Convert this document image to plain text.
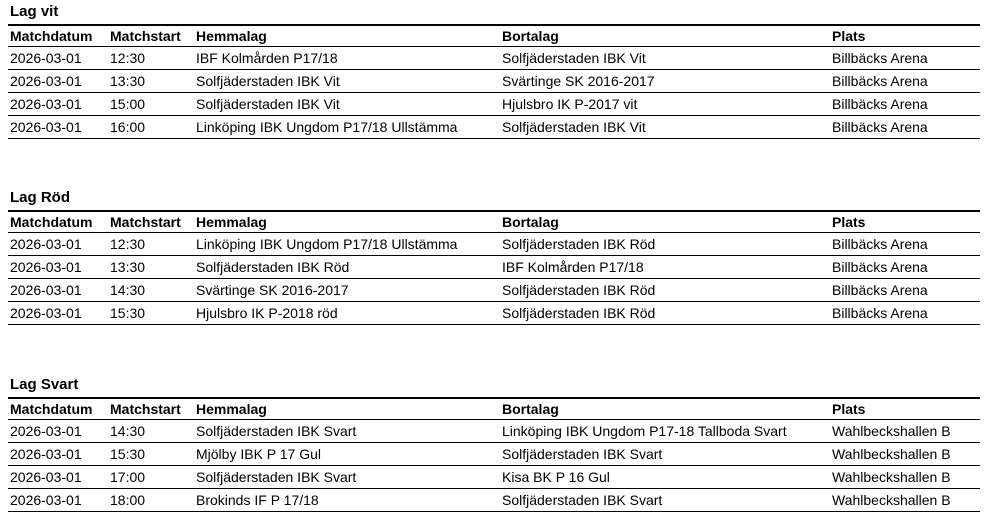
Lag vit
Matchdatum	Matchstart	Hemmalag	Bortalag	Plats
2026-03-01	12:30	IBF Kolmården P17/18	Solfjäderstaden IBK Vit	Billbäcks Arena
2026-03-01	13:30	Solfjäderstaden IBK Vit	Svärtinge SK 2016-2017	Billbäcks Arena
2026-03-01	15:00	Solfjäderstaden IBK Vit	Hjulsbro IK P-2017 vit	Billbäcks Arena
2026-03-01	16:00	Linköping IBK Ungdom P17/18 Ullstämma	Solfjäderstaden IBK Vit	Billbäcks Arena
Lag Röd
Matchdatum	Matchstart	Hemmalag	Bortalag	Plats
2026-03-01	12:30	Linköping IBK Ungdom P17/18 Ullstämma	Solfjäderstaden IBK Röd	Billbäcks Arena
2026-03-01	13:30	Solfjäderstaden IBK Röd	IBF Kolmården P17/18	Billbäcks Arena
2026-03-01	14:30	Svärtinge SK 2016-2017	Solfjäderstaden IBK Röd	Billbäcks Arena
2026-03-01	15:30	Hjulsbro IK P-2018 röd	Solfjäderstaden IBK Röd	Billbäcks Arena
Lag Svart
Matchdatum	Matchstart	Hemmalag	Bortalag	Plats
2026-03-01	14:30	Solfjäderstaden IBK Svart	Linköping IBK Ungdom P17-18 Tallboda Svart	Wahlbeckshallen B
2026-03-01	15:30	Mjölby IBK P 17 Gul	Solfjäderstaden IBK Svart	Wahlbeckshallen B
2026-03-01	17:00	Solfjäderstaden IBK Svart	Kisa BK P 16 Gul	Wahlbeckshallen B
2026-03-01	18:00	Brokinds IF P 17/18	Solfjäderstaden IBK Svart	Wahlbeckshallen B
